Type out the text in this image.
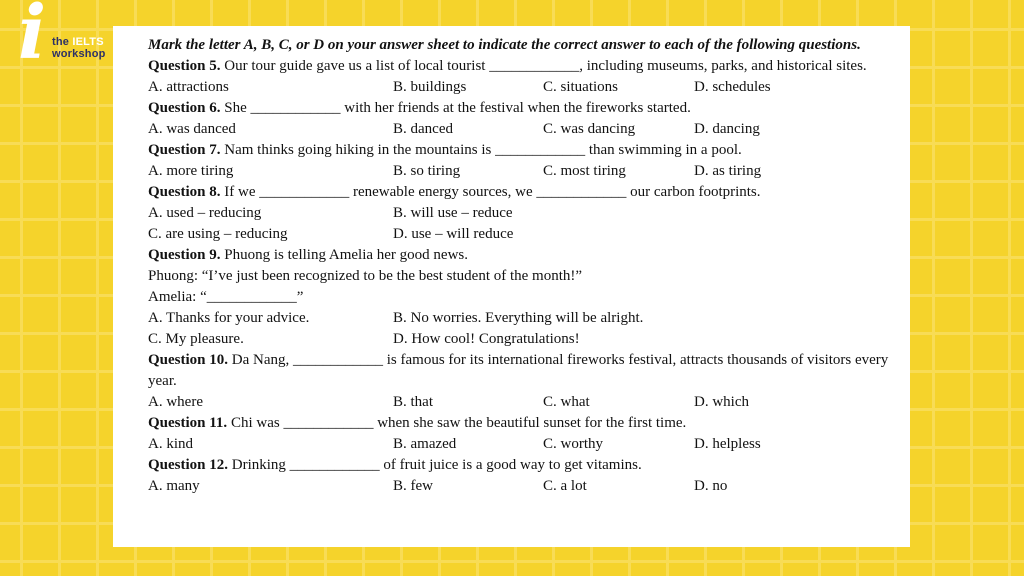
i the IELTS
workshop

Mark the letter A, B, C, or D on your answer sheet to indicate the correct answer to each of the following questions.

Question 5. Our tour guide gave us a list of local tourist ____________, including museums, parks, and historical sites.

A. attractions	B. buildings	C. situations	D. schedules

Question 6. She ____________ with her friends at the festival when the fireworks started.

A. was danced	B. danced	C. was dancing	D. dancing

Question 7. Nam thinks going hiking in the mountains is ____________ than swimming in a pool.

A. more tiring	B. so tiring	C. most tiring	D. as tiring

Question 8. If we ____________ renewable energy sources, we ____________ our carbon footprints.

A. used – reducing	B. will use – reduce
C. are using – reducing	D. use – will reduce

Question 9. Phuong is telling Amelia her good news.

Phuong: “I’ve just been recognized to be the best student of the month!”

Amelia: “____________”

A. Thanks for your advice.	B. No worries. Everything will be alright.
C. My pleasure.	D. How cool! Congratulations!

Question 10. Da Nang, ____________ is famous for its international fireworks festival, attracts thousands of visitors every year.

A. where	B. that	C. what	D. which

Question 11. Chi was ____________ when she saw the beautiful sunset for the first time.

A. kind	B. amazed	C. worthy	D. helpless

Question 12. Drinking ____________ of fruit juice is a good way to get vitamins.

A. many	B. few	C. a lot	D. no
